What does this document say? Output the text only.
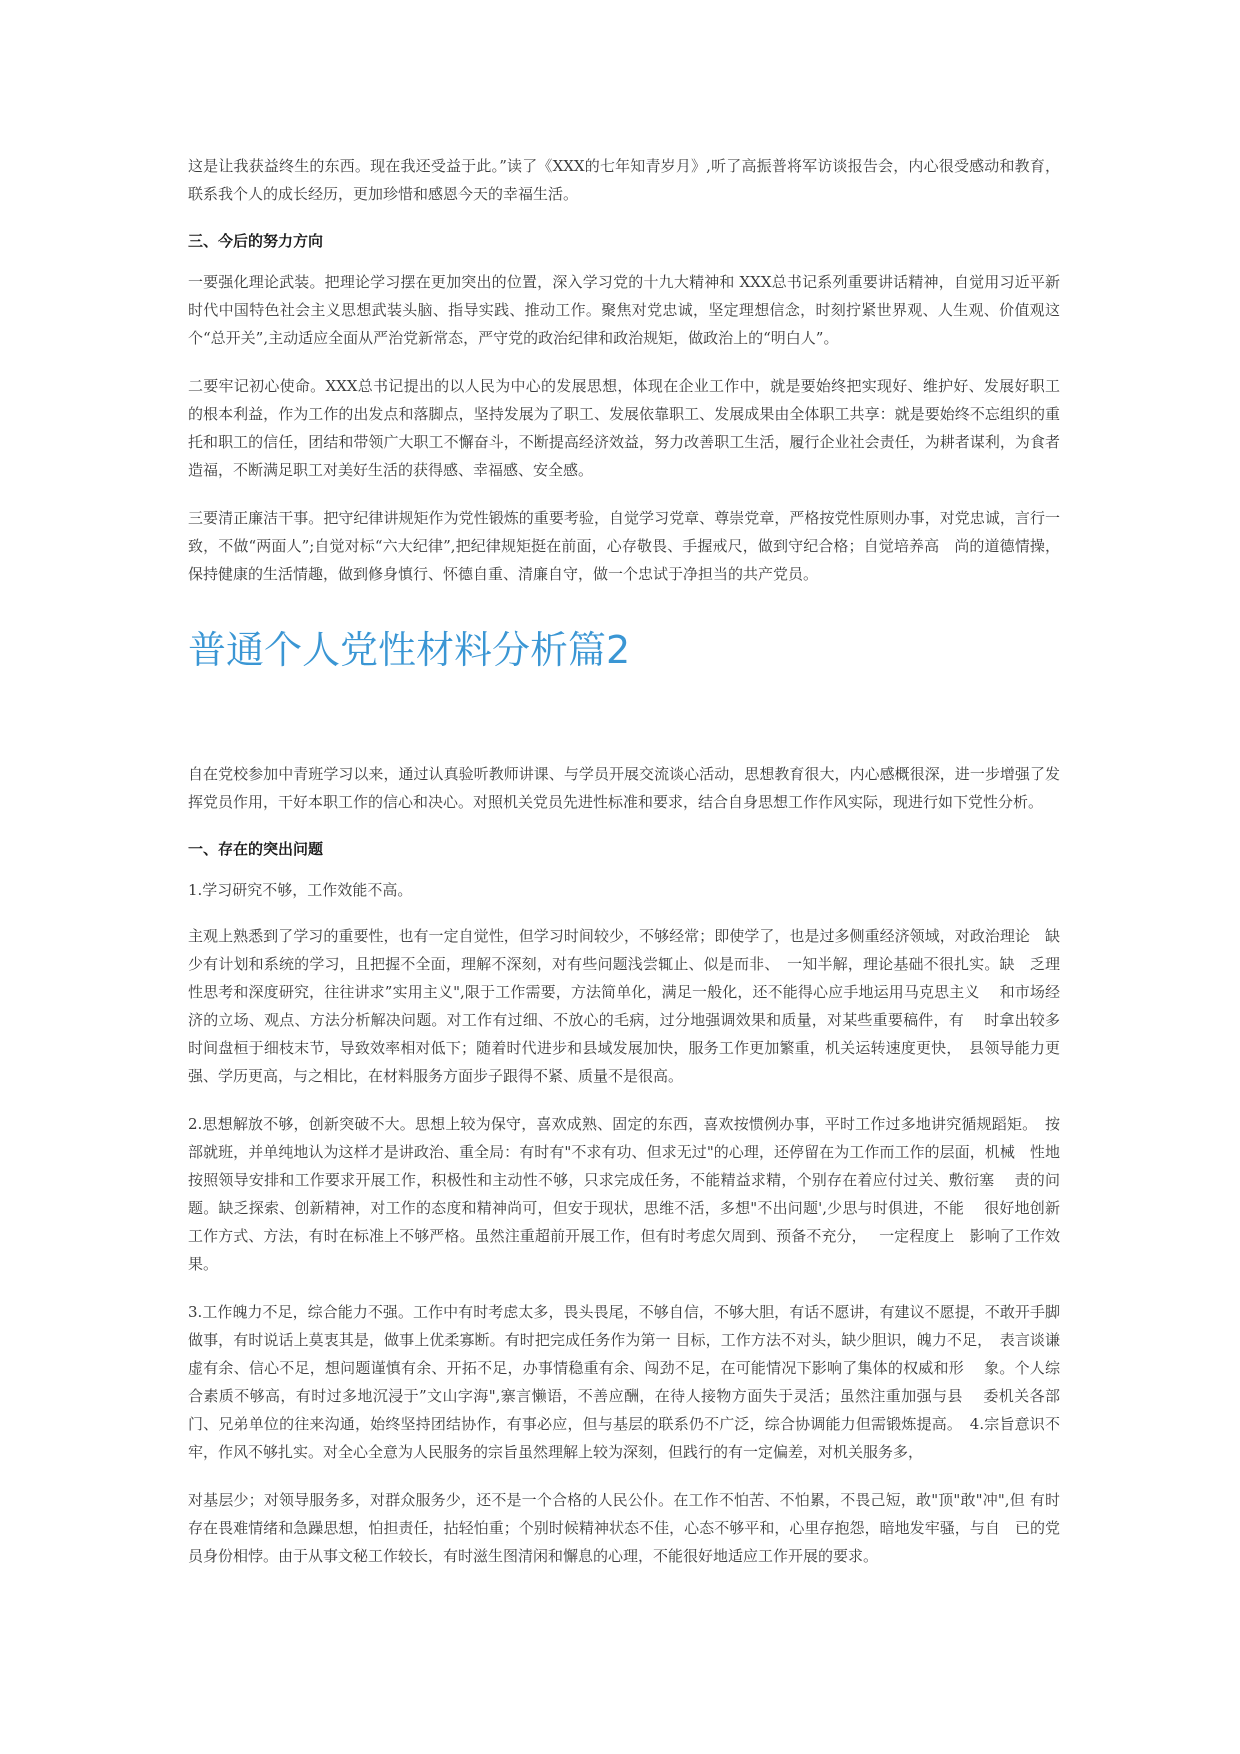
这是让我获益终生的东西。现在我还受益于此。”读了《XXX的七年知青岁月》,听了高振普将军访谈报告会，内心很受感动和教育，联系我个人的成长经历，更加珍惜和感恩今天的幸福生活。

三、今后的努力方向

一要强化理论武装。把理论学习摆在更加突出的位置，深入学习党的十九大精神和 XXX总书记系列重要讲话精神，自觉用习近平新时代中国特色社会主义思想武装头脑、指导实践、推动工作。聚焦对党忠诚，坚定理想信念，时刻拧紧世界观、人生观、价值观这个“总开关”,主动适应全面从严治党新常态，严守党的政治纪律和政治规矩，做政治上的“明白人”。

二要牢记初心使命。XXX总书记提出的以人民为中心的发展思想，体现在企业工作中，就是要始终把实现好、维护好、发展好职工的根本利益，作为工作的出发点和落脚点，坚持发展为了职工、发展依靠职工、发展成果由全体职工共享：就是要始终不忘组织的重托和职工的信任，团结和带领广大职工不懈奋斗，不断提高经济效益，努力改善职工生活，履行企业社会责任，为耕者谋利，为食者造福，不断满足职工对美好生活的获得感、幸福感、安全感。

三要清正廉洁干事。把守纪律讲规矩作为党性锻炼的重要考验，自觉学习党章、尊崇党章，严格按党性原则办事，对党忠诚，言行一致，不做“两面人”;自觉对标“六大纪律”,把纪律规矩挺在前面，心存敬畏、手握戒尺，做到守纪合格；自觉培养高　尚的道德情操，保持健康的生活情趣，做到修身慎行、怀德自重、清廉自守，做一个忠试于净担当的共产党员。

普通个人党性材料分析篇2

自在党校参加中青班学习以来，通过认真验听教师讲课、与学员开展交流谈心活动，思想教育很大，内心感概很深，进一步增强了发挥党员作用，干好本职工作的信心和决心。对照机关党员先进性标准和要求，结合自身思想工作作风实际，现进行如下党性分析。

一、存在的突出问题

1.学习研究不够，工作效能不高。

主观上熟悉到了学习的重要性，也有一定自觉性，但学习时间较少，不够经常；即使学了，也是过多侧重经济领域，对政治理论　缺少有计划和系统的学习，且把握不全面，理解不深刻，对有些问题浅尝辄止、似是而非、　一知半解，理论基础不很扎实。缺　乏理性思考和深度研究，往往讲求”实用主义",限于工作需要，方法简单化，满足一般化，还不能得心应手地运用马克思主义　 和市场经济的立场、观点、方法分析解决问题。对工作有过细、不放心的毛病，过分地强调效果和质量，对某些重要稿件，有　 时拿出较多时间盘桓于细枝末节，导致效率相对低下；随着时代进步和县域发展加快，服务工作更加繁重，机关运转速度更快，　县领导能力更强、学历更高，与之相比，在材料服务方面步子跟得不紧、质量不是很高。

2.思想解放不够，创新突破不大。思想上较为保守，喜欢成熟、固定的东西，喜欢按惯例办事，平时工作过多地讲究循规蹈矩。　按部就班，并单纯地认为这样才是讲政治、重全局：有时有"不求有功、但求无过"的心理，还停留在为工作而工作的层面，机械　性地按照领导安排和工作要求开展工作，积极性和主动性不够，只求完成任务，不能精益求精，个别存在着应付过关、敷衍塞　 责的问题。缺乏探索、创新精神，对工作的态度和精神尚可，但安于现状，思维不活，多想"不出问题',少思与时俱进，不能　 很好地创新工作方式、方法，有时在标准上不够严格。虽然注重超前开展工作，但有时考虑欠周到、预备不充分，　 一定程度上　影响了工作效果。

3.工作魄力不足，综合能力不强。工作中有时考虑太多，畏头畏尾，不够自信，不够大胆，有话不愿讲，有建议不愿提，不敢开手脚做事，有时说话上莫衷其是，做事上优柔寡断。有时把完成任务作为第一 目标，工作方法不对头，缺少胆识，魄力不足，　表言谈谦虚有余、信心不足，想问题谨慎有余、开拓不足，办事情稳重有余、闯劲不足，在可能情况下影响了集体的权威和形　 象。个人综合素质不够高，有时过多地沉浸于”文山字海",寨言懒语，不善应酬，在待人接物方面失于灵活；虽然注重加强与县　 委机关各部门、兄弟单位的往来沟通，始终坚持团结协作，有事必应，但与基层的联系仍不广泛，综合协调能力但需锻炼提高。　4.宗旨意识不牢，作风不够扎实。对全心全意为人民服务的宗旨虽然理解上较为深刻，但践行的有一定偏差，对机关服务多，

对基层少；对领导服务多，对群众服务少，还不是一个合格的人民公仆。在工作不怕苦、不怕累，不畏己短，敢"顶"敢"冲",但 有时存在畏难情绪和急躁思想，怕担责任，拈轻怕重；个别时候精神状态不佳，心态不够平和，心里存抱怨，暗地发牢骚，与自　已的党员身份相悖。由于从事文秘工作较长，有时滋生图清闲和懈息的心理，不能很好地适应工作开展的要求。
